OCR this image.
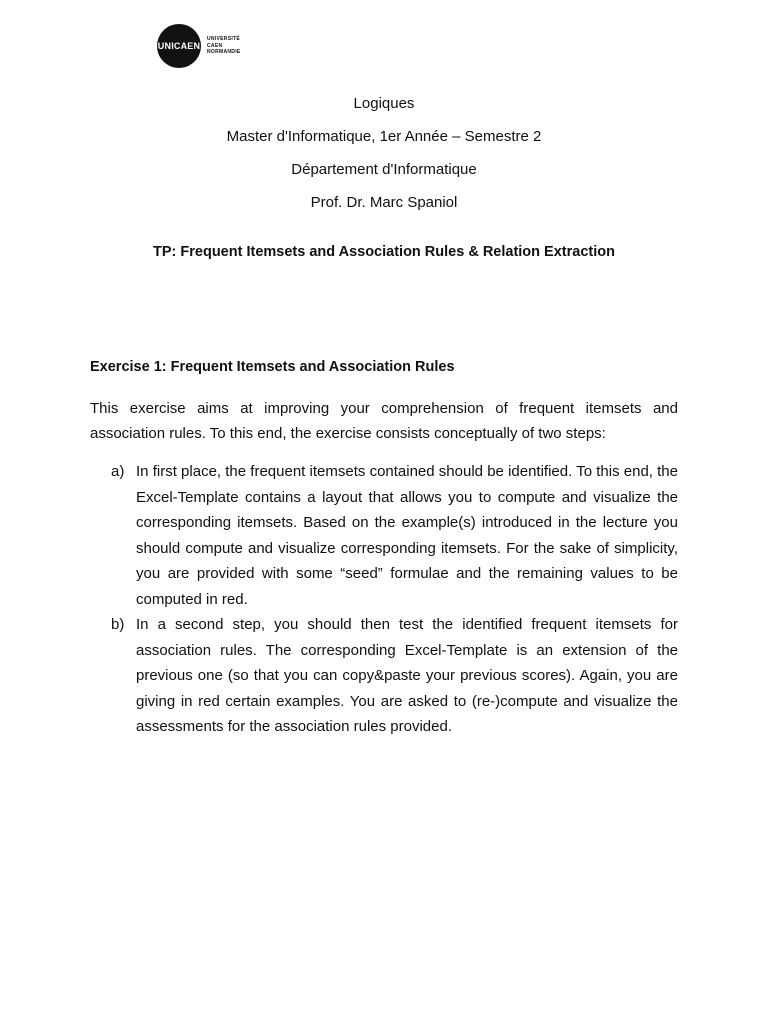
UNICAEN
UNIVERSITÉ
CAEN
NORMANDIE
Logiques
Master d'Informatique, 1er Année – Semestre 2
Département d'Informatique
Prof. Dr. Marc Spaniol
TP: Frequent Itemsets and Association Rules & Relation Extraction
Exercise 1: Frequent Itemsets and Association Rules

This exercise aims at improving your comprehension of frequent itemsets and association rules. To this end, the exercise consists conceptually of two steps:

a) In first place, the frequent itemsets contained should be identified. To this end, the Excel-Template contains a layout that allows you to compute and visualize the corresponding itemsets. Based on the example(s) introduced in the lecture you should compute and visualize corresponding itemsets. For the sake of simplicity, you are provided with some “seed” formulae and the remaining values to be computed in red.
b) In a second step, you should then test the identified frequent itemsets for association rules. The corresponding Excel-Template is an extension of the previous one (so that you can copy&paste your previous scores). Again, you are giving in red certain examples. You are asked to (re-)compute and visualize the assessments for the association rules provided.
